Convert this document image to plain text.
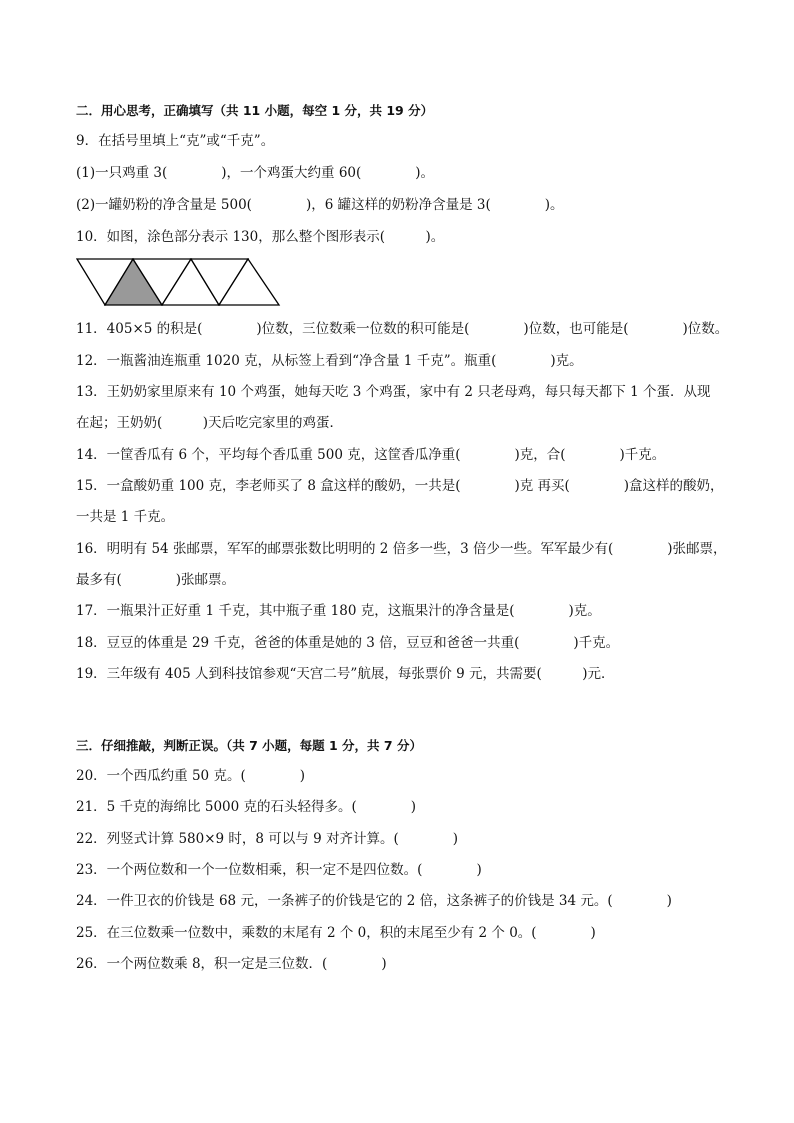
二．用心思考，正确填写（共 11 小题，每空 1 分，共 19 分）
9．在括号里填上“克”或“千克”。
(1)一只鸡重 3(　　　　)，一个鸡蛋大约重 60(　　　　)。
(2)一罐奶粉的净含量是 500(　　　　)，6 罐这样的奶粉净含量是 3(　　　　)。
10．如图，涂色部分表示 130，那么整个图形表示(　　　)。
11．405×5 的积是(　　　　)位数，三位数乘一位数的积可能是(　　　　)位数，也可能是(　　　　)位数。
12．一瓶酱油连瓶重 1020 克，从标签上看到“净含量 1 千克”。瓶重(　　　　)克。
13．王奶奶家里原来有 10 个鸡蛋，她每天吃 3 个鸡蛋，家中有 2 只老母鸡，每只每天都下 1 个蛋．从现
在起；王奶奶(　　　)天后吃完家里的鸡蛋．
14．一筐香瓜有 6 个，平均每个香瓜重 500 克，这筐香瓜净重(　　　　)克，合(　　　　)千克。
15．一盒酸奶重 100 克，李老师买了 8 盒这样的酸奶，一共是(　　　　)克 再买(　　　　)盒这样的酸奶，
一共是 1 千克。
16．明明有 54 张邮票，军军的邮票张数比明明的 2 倍多一些，3 倍少一些。军军最少有(　　　　)张邮票，
最多有(　　　　)张邮票。
17．一瓶果汁正好重 1 千克，其中瓶子重 180 克，这瓶果汁的净含量是(　　　　)克。
18．豆豆的体重是 29 千克，爸爸的体重是她的 3 倍，豆豆和爸爸一共重(　　　　)千克。
19．三年级有 405 人到科技馆参观“天宫二号”航展，每张票价 9 元，共需要(　　　)元．
三．仔细推敲，判断正误。（共 7 小题，每题 1 分，共 7 分）
20．一个西瓜约重 50 克。(　　　　)
21．5 千克的海绵比 5000 克的石头轻得多。(　　　　)
22．列竖式计算 580×9 时，8 可以与 9 对齐计算。(　　　　)
23．一个两位数和一个一位数相乘，积一定不是四位数。(　　　　)
24．一件卫衣的价钱是 68 元，一条裤子的价钱是它的 2 倍，这条裤子的价钱是 34 元。(　　　　)
25．在三位数乘一位数中，乘数的末尾有 2 个 0，积的末尾至少有 2 个 0。(　　　　)
26．一个两位数乘 8，积一定是三位数．(　　　　)
